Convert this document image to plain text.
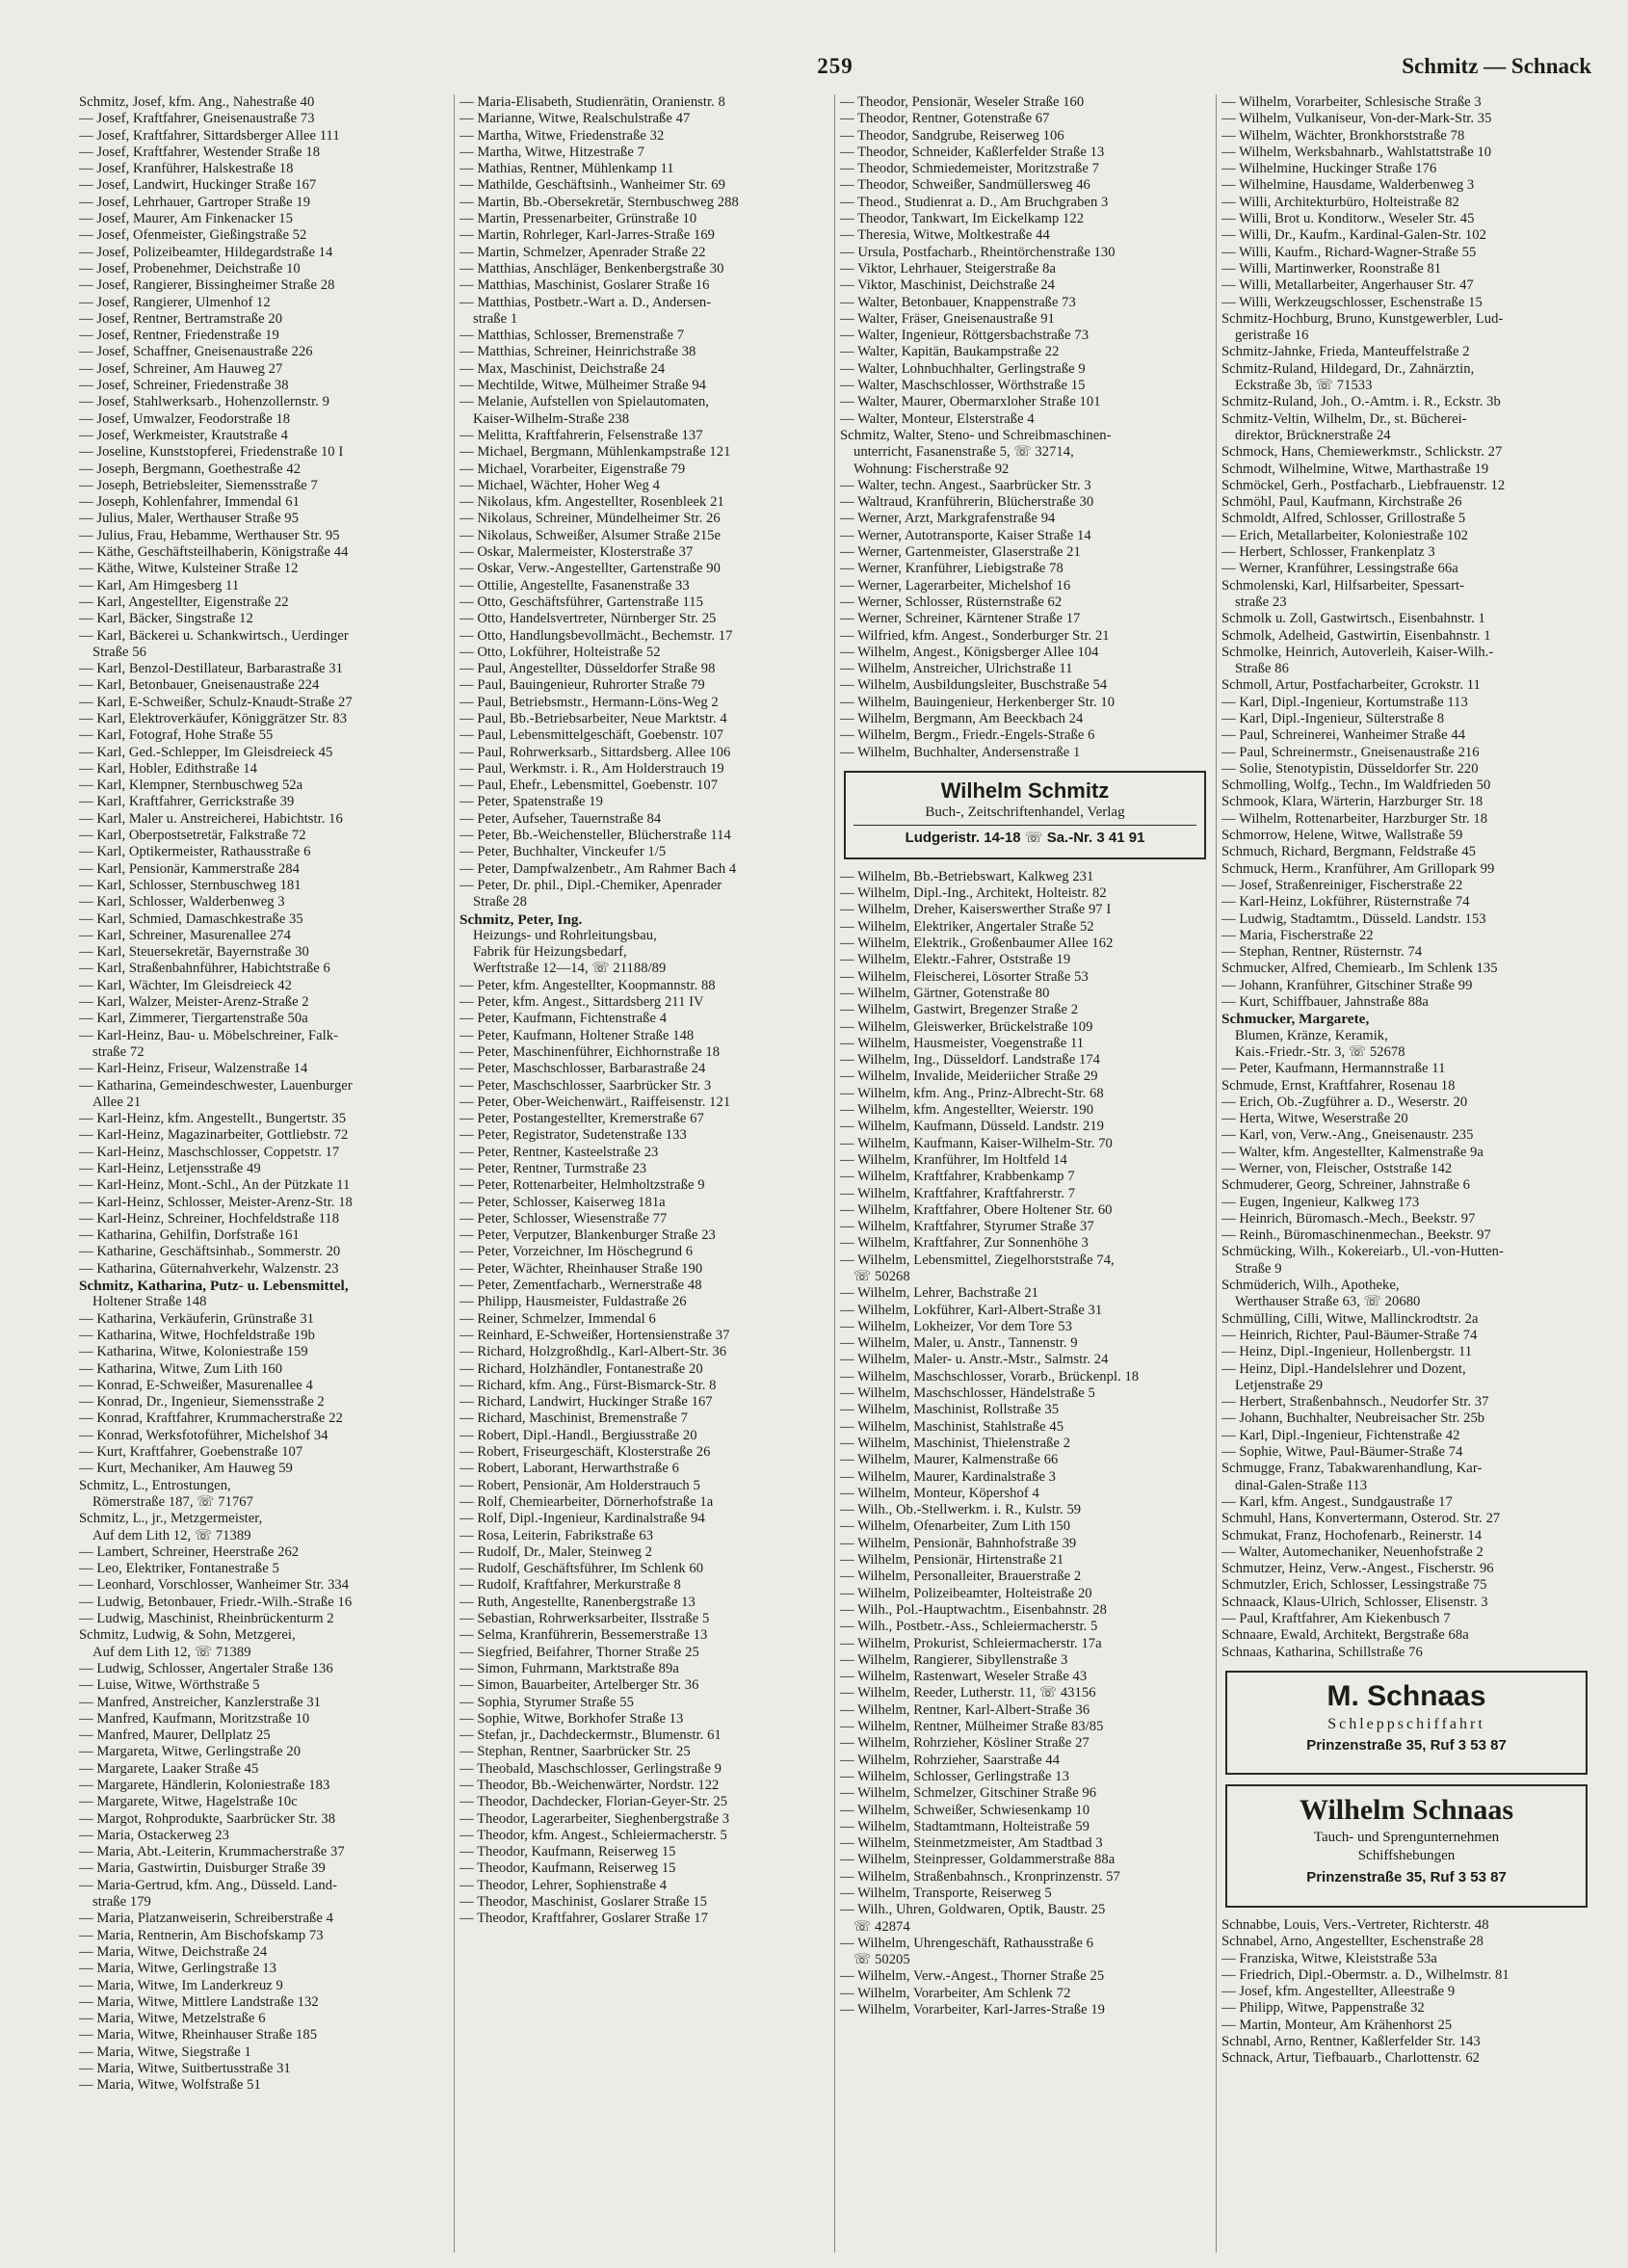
259	Schmitz — Schnack
Schmitz, Josef, kfm. Ang., Nahestraße 40
— Josef, Kraftfahrer, Gneisenaustraße 73
— Josef, Kraftfahrer, Sittardsberger Allee 111
— Josef, Kraftfahrer, Westender Straße 18
— Josef, Kranführer, Halskestraße 18
— Josef, Landwirt, Huckinger Straße 167
— Josef, Lehrhauer, Gartroper Straße 19
— Josef, Maurer, Am Finkenacker 15
— Josef, Ofenmeister, Gießingstraße 52
— Josef, Polizeibeamter, Hildegardstraße 14
— Josef, Probenehmer, Deichstraße 10
— Josef, Rangierer, Bissingheimer Straße 28
— Josef, Rangierer, Ulmenhof 12
— Josef, Rentner, Bertramstraße 20
— Josef, Rentner, Friedenstraße 19
— Josef, Schaffner, Gneisenaustraße 226
— Josef, Schreiner, Am Hauweg 27
— Josef, Schreiner, Friedenstraße 38
— Josef, Stahlwerksarb., Hohenzollernstr. 9
— Josef, Umwalzer, Feodorstraße 18
— Josef, Werkmeister, Krautstraße 4
— Joseline, Kunststopferei, Friedenstraße 10 I
— Joseph, Bergmann, Goethestraße 42
— Joseph, Betriebsleiter, Siemensstraße 7
— Joseph, Kohlenfahrer, Immendal 61
— Julius, Maler, Werthauser Straße 95
— Julius, Frau, Hebamme, Werthauser Str. 95
— Käthe, Geschäftsteilhaberin, Königstraße 44
— Käthe, Witwe, Kulsteiner Straße 12
— Karl, Am Himgesberg 11
— Karl, Angestellter, Eigenstraße 22
— Karl, Bäcker, Singstraße 12
— Karl, Bäckerei u. Schankwirtsch., Uerdinger
Straße 56
— Karl, Benzol-Destillateur, Barbarastraße 31
— Karl, Betonbauer, Gneisenaustraße 224
— Karl, E-Schweißer, Schulz-Knaudt-Straße 27
— Karl, Elektroverkäufer, Königgrätzer Str. 83
— Karl, Fotograf, Hohe Straße 55
— Karl, Ged.-Schlepper, Im Gleisdreieck 45
— Karl, Hobler, Edithstraße 14
— Karl, Klempner, Sternbuschweg 52a
— Karl, Kraftfahrer, Gerrickstraße 39
— Karl, Maler u. Anstreicherei, Habichtstr. 16
— Karl, Oberpostsetretär, Falkstraße 72
— Karl, Optikermeister, Rathausstraße 6
— Karl, Pensionär, Kammerstraße 284
— Karl, Schlosser, Sternbuschweg 181
— Karl, Schlosser, Walderbenweg 3
— Karl, Schmied, Damaschkestraße 35
— Karl, Schreiner, Masurenallee 274
— Karl, Steuersekretär, Bayernstraße 30
— Karl, Straßenbahnführer, Habichtstraße 6
— Karl, Wächter, Im Gleisdreieck 42
— Karl, Walzer, Meister-Arenz-Straße 2
— Karl, Zimmerer, Tiergartenstraße 50a
— Karl-Heinz, Bau- u. Möbelschreiner, Falk-
straße 72
— Karl-Heinz, Friseur, Walzenstraße 14
— Katharina, Gemeindeschwester, Lauenburger
Allee 21
— Karl-Heinz, kfm. Angestellt., Bungertstr. 35
— Karl-Heinz, Magazinarbeiter, Gottliebstr. 72
— Karl-Heinz, Maschschlosser, Coppetstr. 17
— Karl-Heinz, Letjensstraße 49
— Karl-Heinz, Mont.-Schl., An der Pützkate 11
— Karl-Heinz, Schlosser, Meister-Arenz-Str. 18
— Karl-Heinz, Schreiner, Hochfeldstraße 118
— Katharina, Gehilfin, Dorfstraße 161
— Katharine, Geschäftsinhab., Sommerstr. 20
— Katharina, Güternahverkehr, Walzenstr. 23
Schmitz, Katharina, Putz- u. Lebensmittel,
Holtener Straße 148
— Katharina, Verkäuferin, Grünstraße 31
— Katharina, Witwe, Hochfeldstraße 19b
— Katharina, Witwe, Koloniestraße 159
— Katharina, Witwe, Zum Lith 160
— Konrad, E-Schweißer, Masurenallee 4
— Konrad, Dr., Ingenieur, Siemensstraße 2
— Konrad, Kraftfahrer, Krummacherstraße 22
— Konrad, Werksfotoführer, Michelshof 34
— Kurt, Kraftfahrer, Goebenstraße 107
— Kurt, Mechaniker, Am Hauweg 59
Schmitz, L., Entrostungen,
Römerstraße 187, ☏ 71767
Schmitz, L., jr., Metzgermeister,
Auf dem Lith 12, ☏ 71389
— Lambert, Schreiner, Heerstraße 262
— Leo, Elektriker, Fontanestraße 5
— Leonhard, Vorschlosser, Wanheimer Str. 334
— Ludwig, Betonbauer, Friedr.-Wilh.-Straße 16
— Ludwig, Maschinist, Rheinbrückenturm 2
Schmitz, Ludwig, & Sohn, Metzgerei,
Auf dem Lith 12, ☏ 71389
— Ludwig, Schlosser, Angertaler Straße 136
— Luise, Witwe, Wörthstraße 5
— Manfred, Anstreicher, Kanzlerstraße 31
— Manfred, Kaufmann, Moritzstraße 10
— Manfred, Maurer, Dellplatz 25
— Margareta, Witwe, Gerlingstraße 20
— Margarete, Laaker Straße 45
— Margarete, Händlerin, Koloniestraße 183
— Margarete, Witwe, Hagelstraße 10c
— Margot, Rohprodukte, Saarbrücker Str. 38
— Maria, Ostackerweg 23
— Maria, Abt.-Leiterin, Krummacherstraße 37
— Maria, Gastwirtin, Duisburger Straße 39
— Maria-Gertrud, kfm. Ang., Düsseld. Land-
straße 179
— Maria, Platzanweiserin, Schreiberstraße 4
— Maria, Rentnerin, Am Bischofskamp 73
— Maria, Witwe, Deichstraße 24
— Maria, Witwe, Gerlingstraße 13
— Maria, Witwe, Im Landerkreuz 9
— Maria, Witwe, Mittlere Landstraße 132
— Maria, Witwe, Metzelstraße 6
— Maria, Witwe, Rheinhauser Straße 185
— Maria, Witwe, Siegstraße 1
— Maria, Witwe, Suitbertusstraße 31
— Maria, Witwe, Wolfstraße 51
— Maria-Elisabeth, Studienrätin, Oranienstr. 8
— Marianne, Witwe, Realschulstraße 47
— Martha, Witwe, Friedenstraße 32
— Martha, Witwe, Hitzestraße 7
— Mathias, Rentner, Mühlenkamp 11
— Mathilde, Geschäftsinh., Wanheimer Str. 69
— Martin, Bb.-Obersekretär, Sternbuschweg 288
— Martin, Pressenarbeiter, Grünstraße 10
— Martin, Rohrleger, Karl-Jarres-Straße 169
— Martin, Schmelzer, Apenrader Straße 22
— Matthias, Anschläger, Benkenbergstraße 30
— Matthias, Maschinist, Goslarer Straße 16
— Matthias, Postbetr.-Wart a. D., Andersen-
straße 1
— Matthias, Schlosser, Bremenstraße 7
— Matthias, Schreiner, Heinrichstraße 38
— Max, Maschinist, Deichstraße 24
— Mechtilde, Witwe, Mülheimer Straße 94
— Melanie, Aufstellen von Spielautomaten,
Kaiser-Wilhelm-Straße 238
— Melitta, Kraftfahrerin, Felsenstraße 137
— Michael, Bergmann, Mühlenkampstraße 121
— Michael, Vorarbeiter, Eigenstraße 79
— Michael, Wächter, Hoher Weg 4
— Nikolaus, kfm. Angestellter, Rosenbleek 21
— Nikolaus, Schreiner, Mündelheimer Str. 26
— Nikolaus, Schweißer, Alsumer Straße 215e
— Oskar, Malermeister, Klosterstraße 37
— Oskar, Verw.-Angestellter, Gartenstraße 90
— Ottilie, Angestellte, Fasanenstraße 33
— Otto, Geschäftsführer, Gartenstraße 115
— Otto, Handelsvertreter, Nürnberger Str. 25
— Otto, Handlungsbevollmächt., Bechemstr. 17
— Otto, Lokführer, Holteistraße 52
— Paul, Angestellter, Düsseldorfer Straße 98
— Paul, Bauingenieur, Ruhrorter Straße 79
— Paul, Betriebsmstr., Hermann-Löns-Weg 2
— Paul, Bb.-Betriebsarbeiter, Neue Marktstr. 4
— Paul, Lebensmittelgeschäft, Goebenstr. 107
— Paul, Rohrwerksarb., Sittardsberg. Allee 106
— Paul, Werkmstr. i. R., Am Holderstrauch 19
— Paul, Ehefr., Lebensmittel, Goebenstr. 107
— Peter, Spatenstraße 19
— Peter, Aufseher, Tauernstraße 84
— Peter, Bb.-Weichensteller, Blücherstraße 114
— Peter, Buchhalter, Vinckeufer 1/5
— Peter, Dampfwalzenbetr., Am Rahmer Bach 4
— Peter, Dr. phil., Dipl.-Chemiker, Apenrader
Straße 28
Schmitz, Peter, Ing.
Heizungs- und Rohrleitungsbau,
Fabrik für Heizungsbedarf,
Werftstraße 12—14, ☏ 21188/89
— Peter, kfm. Angestellter, Koopmannstr. 88
— Peter, kfm. Angest., Sittardsberg 211 IV
— Peter, Kaufmann, Fichtenstraße 4
— Peter, Kaufmann, Holtener Straße 148
— Peter, Maschinenführer, Eichhornstraße 18
— Peter, Maschschlosser, Barbarastraße 24
— Peter, Maschschlosser, Saarbrücker Str. 3
— Peter, Ober-Weichenwärt., Raiffeisenstr. 121
— Peter, Postangestellter, Kremerstraße 67
— Peter, Registrator, Sudetenstraße 133
— Peter, Rentner, Kasteelstraße 23
— Peter, Rentner, Turmstraße 23
— Peter, Rottenarbeiter, Helmholtzstraße 9
— Peter, Schlosser, Kaiserweg 181a
— Peter, Schlosser, Wiesenstraße 77
— Peter, Verputzer, Blankenburger Straße 23
— Peter, Vorzeichner, Im Höschegrund 6
— Peter, Wächter, Rheinhauser Straße 190
— Peter, Zementfacharb., Wernerstraße 48
— Philipp, Hausmeister, Fuldastraße 26
— Reiner, Schmelzer, Immendal 6
— Reinhard, E-Schweißer, Hortensienstraße 37
— Richard, Holzgroßhdlg., Karl-Albert-Str. 36
— Richard, Holzhändler, Fontanestraße 20
— Richard, kfm. Ang., Fürst-Bismarck-Str. 8
— Richard, Landwirt, Huckinger Straße 167
— Richard, Maschinist, Bremenstraße 7
— Robert, Dipl.-Handl., Bergiusstraße 20
— Robert, Friseurgeschäft, Klosterstraße 26
— Robert, Laborant, Herwarthstraße 6
— Robert, Pensionär, Am Holderstrauch 5
— Rolf, Chemiearbeiter, Dörnerhofstraße 1a
— Rolf, Dipl.-Ingenieur, Kardinalstraße 94
— Rosa, Leiterin, Fabrikstraße 63
— Rudolf, Dr., Maler, Steinweg 2
— Rudolf, Geschäftsführer, Im Schlenk 60
— Rudolf, Kraftfahrer, Merkurstraße 8
— Ruth, Angestellte, Ranenbergstraße 13
— Sebastian, Rohrwerksarbeiter, Ilsstraße 5
— Selma, Kranführerin, Bessemerstraße 13
— Siegfried, Beifahrer, Thorner Straße 25
— Simon, Fuhrmann, Marktstraße 89a
— Simon, Bauarbeiter, Artelberger Str. 36
— Sophia, Styrumer Straße 55
— Sophie, Witwe, Borkhofer Straße 13
— Stefan, jr., Dachdeckermstr., Blumenstr. 61
— Stephan, Rentner, Saarbrücker Str. 25
— Theobald, Maschschlosser, Gerlingstraße 9
— Theodor, Bb.-Weichenwärter, Nordstr. 122
— Theodor, Dachdecker, Florian-Geyer-Str. 25
— Theodor, Lagerarbeiter, Sieghenbergstraße 3
— Theodor, kfm. Angest., Schleiermacherstr. 5
— Theodor, Kaufmann, Reiserweg 15
— Theodor, Kaufmann, Reiserweg 15
— Theodor, Lehrer, Sophienstraße 4
— Theodor, Maschinist, Goslarer Straße 15
— Theodor, Kraftfahrer, Goslarer Straße 17
— Theodor, Pensionär, Weseler Straße 160
— Theodor, Rentner, Gotenstraße 67
— Theodor, Sandgrube, Reiserweg 106
— Theodor, Schneider, Kaßlerfelder Straße 13
— Theodor, Schmiedemeister, Moritzstraße 7
— Theodor, Schweißer, Sandmüllersweg 46
— Theod., Studienrat a. D., Am Bruchgraben 3
— Theodor, Tankwart, Im Eickelkamp 122
— Theresia, Witwe, Moltkestraße 44
— Ursula, Postfacharb., Rheintörchenstraße 130
— Viktor, Lehrhauer, Steigerstraße 8a
— Viktor, Maschinist, Deichstraße 24
— Walter, Betonbauer, Knappenstraße 73
— Walter, Fräser, Gneisenaustraße 91
— Walter, Ingenieur, Röttgersbachstraße 73
— Walter, Kapitän, Baukampstraße 22
— Walter, Lohnbuchhalter, Gerlingstraße 9
— Walter, Maschschlosser, Wörthstraße 15
— Walter, Maurer, Obermarxloher Straße 101
— Walter, Monteur, Elsterstraße 4
Schmitz, Walter, Steno- und Schreibmaschinen-
unterricht, Fasanenstraße 5, ☏ 32714,
Wohnung: Fischerstraße 92
— Walter, techn. Angest., Saarbrücker Str. 3
— Waltraud, Kranführerin, Blücherstraße 30
— Werner, Arzt, Markgrafenstraße 94
— Werner, Autotransporte, Kaiser Straße 14
— Werner, Gartenmeister, Glaserstraße 21
— Werner, Kranführer, Liebigstraße 78
— Werner, Lagerarbeiter, Michelshof 16
— Werner, Schlosser, Rüsternstraße 62
— Werner, Schreiner, Kärntener Straße 17
— Wilfried, kfm. Angest., Sonderburger Str. 21
— Wilhelm, Angest., Königsberger Allee 104
— Wilhelm, Anstreicher, Ulrichstraße 11
— Wilhelm, Ausbildungsleiter, Buschstraße 54
— Wilhelm, Bauingenieur, Herkenberger Str. 10
— Wilhelm, Bergmann, Am Beeckbach 24
— Wilhelm, Bergm., Friedr.-Engels-Straße 6
— Wilhelm, Buchhalter, Andersenstraße 1
Wilhelm Schmitz
Buch-, Zeitschriftenhandel, Verlag
Ludgeristr. 14-18 ☏ Sa.-Nr. 3 41 91
— Wilhelm, Bb.-Betriebswart, Kalkweg 231
— Wilhelm, Dipl.-Ing., Architekt, Holteistr. 82
— Wilhelm, Dreher, Kaiserswerther Straße 97 I
— Wilhelm, Elektriker, Angertaler Straße 52
— Wilhelm, Elektrik., Großenbaumer Allee 162
— Wilhelm, Elektr.-Fahrer, Oststraße 19
— Wilhelm, Fleischerei, Lösorter Straße 53
— Wilhelm, Gärtner, Gotenstraße 80
— Wilhelm, Gastwirt, Bregenzer Straße 2
— Wilhelm, Gleiswerker, Brückelstraße 109
— Wilhelm, Hausmeister, Voegenstraße 11
— Wilhelm, Ing., Düsseldorf. Landstraße 174
— Wilhelm, Invalide, Meideriicher Straße 29
— Wilhelm, kfm. Ang., Prinz-Albrecht-Str. 68
— Wilhelm, kfm. Angestellter, Weierstr. 190
— Wilhelm, Kaufmann, Düsseld. Landstr. 219
— Wilhelm, Kaufmann, Kaiser-Wilhelm-Str. 70
— Wilhelm, Kranführer, Im Holtfeld 14
— Wilhelm, Kraftfahrer, Krabbenkamp 7
— Wilhelm, Kraftfahrer, Kraftfahrerstr. 7
— Wilhelm, Kraftfahrer, Obere Holtener Str. 60
— Wilhelm, Kraftfahrer, Styrumer Straße 37
— Wilhelm, Kraftfahrer, Zur Sonnenhöhe 3
— Wilhelm, Lebensmittel, Ziegelhorststraße 74,
☏ 50268
— Wilhelm, Lehrer, Bachstraße 21
— Wilhelm, Lokführer, Karl-Albert-Straße 31
— Wilhelm, Lokheizer, Vor dem Tore 53
— Wilhelm, Maler, u. Anstr., Tannenstr. 9
— Wilhelm, Maler- u. Anstr.-Mstr., Salmstr. 24
— Wilhelm, Maschschlosser, Vorarb., Brückenpl. 18
— Wilhelm, Maschschlosser, Händelstraße 5
— Wilhelm, Maschinist, Rollstraße 35
— Wilhelm, Maschinist, Stahlstraße 45
— Wilhelm, Maschinist, Thielenstraße 2
— Wilhelm, Maurer, Kalmenstraße 66
— Wilhelm, Maurer, Kardinalstraße 3
— Wilhelm, Monteur, Köpershof 4
— Wilh., Ob.-Stellwerkm. i. R., Kulstr. 59
— Wilhelm, Ofenarbeiter, Zum Lith 150
— Wilhelm, Pensionär, Bahnhofstraße 39
— Wilhelm, Pensionär, Hirtenstraße 21
— Wilhelm, Personalleiter, Brauerstraße 2
— Wilhelm, Polizeibeamter, Holteistraße 20
— Wilh., Pol.-Hauptwachtm., Eisenbahnstr. 28
— Wilh., Postbetr.-Ass., Schleiermacherstr. 5
— Wilhelm, Prokurist, Schleiermacherstr. 17a
— Wilhelm, Rangierer, Sibyllenstraße 3
— Wilhelm, Rastenwart, Weseler Straße 43
— Wilhelm, Reeder, Lutherstr. 11, ☏ 43156
— Wilhelm, Rentner, Karl-Albert-Straße 36
— Wilhelm, Rentner, Mülheimer Straße 83/85
— Wilhelm, Rohrzieher, Kösliner Straße 27
— Wilhelm, Rohrzieher, Saarstraße 44
— Wilhelm, Schlosser, Gerlingstraße 13
— Wilhelm, Schmelzer, Gitschiner Straße 96
— Wilhelm, Schweißer, Schwiesenkamp 10
— Wilhelm, Stadtamtmann, Holteistraße 59
— Wilhelm, Steinmetzmeister, Am Stadtbad 3
— Wilhelm, Steinpresser, Goldammerstraße 88a
— Wilhelm, Straßenbahnsch., Kronprinzenstr. 57
— Wilhelm, Transporte, Reiserweg 5
— Wilh., Uhren, Goldwaren, Optik, Baustr. 25
☏ 42874
— Wilhelm, Uhrengeschäft, Rathausstraße 6
☏ 50205
— Wilhelm, Verw.-Angest., Thorner Straße 25
— Wilhelm, Vorarbeiter, Am Schlenk 72
— Wilhelm, Vorarbeiter, Karl-Jarres-Straße 19
— Wilhelm, Vorarbeiter, Schlesische Straße 3
— Wilhelm, Vulkaniseur, Von-der-Mark-Str. 35
— Wilhelm, Wächter, Bronkhorststraße 78
— Wilhelm, Werksbahnarb., Wahlstattstraße 10
— Wilhelmine, Huckinger Straße 176
— Wilhelmine, Hausdame, Walderbenweg 3
— Willi, Architekturbüro, Holteistraße 82
— Willi, Brot u. Konditorw., Weseler Str. 45
— Willi, Dr., Kaufm., Kardinal-Galen-Str. 102
— Willi, Kaufm., Richard-Wagner-Straße 55
— Willi, Martinwerker, Roonstraße 81
— Willi, Metallarbeiter, Angerhauser Str. 47
— Willi, Werkzeugschlosser, Eschenstraße 15
Schmitz-Hochburg, Bruno, Kunstgewerbler, Lud-
geristraße 16
Schmitz-Jahnke, Frieda, Manteuffelstraße 2
Schmitz-Ruland, Hildegard, Dr., Zahnärztin,
Eckstraße 3b, ☏ 71533
Schmitz-Ruland, Joh., O.-Amtm. i. R., Eckstr. 3b
Schmitz-Veltin, Wilhelm, Dr., st. Bücherei-
direktor, Brücknerstraße 24
Schmock, Hans, Chemiewerkmstr., Schlickstr. 27
Schmodt, Wilhelmine, Witwe, Marthastraße 19
Schmöckel, Gerh., Postfacharb., Liebfrauenstr. 12
Schmöhl, Paul, Kaufmann, Kirchstraße 26
Schmoldt, Alfred, Schlosser, Grillostraße 5
— Erich, Metallarbeiter, Koloniestraße 102
— Herbert, Schlosser, Frankenplatz 3
— Werner, Kranführer, Lessingstraße 66a
Schmolenski, Karl, Hilfsarbeiter, Spessart-
straße 23
Schmolk u. Zoll, Gastwirtsch., Eisenbahnstr. 1
Schmolk, Adelheid, Gastwirtin, Eisenbahnstr. 1
Schmolke, Heinrich, Autoverleih, Kaiser-Wilh.-
Straße 86
Schmoll, Artur, Postfacharbeiter, Gcrokstr. 11
— Karl, Dipl.-Ingenieur, Kortumstraße 113
— Karl, Dipl.-Ingenieur, Sülterstraße 8
— Paul, Schreinerei, Wanheimer Straße 44
— Paul, Schreinermstr., Gneisenaustraße 216
— Solie, Stenotypistin, Düsseldorfer Str. 220
Schmolling, Wolfg., Techn., Im Waldfrieden 50
Schmook, Klara, Wärterin, Harzburger Str. 18
— Wilhelm, Rottenarbeiter, Harzburger Str. 18
Schmorrow, Helene, Witwe, Wallstraße 59
Schmuch, Richard, Bergmann, Feldstraße 45
Schmuck, Herm., Kranführer, Am Grillopark 99
— Josef, Straßenreiniger, Fischerstraße 22
— Karl-Heinz, Lokführer, Rüsternstraße 74
— Ludwig, Stadtamtm., Düsseld. Landstr. 153
— Maria, Fischerstraße 22
— Stephan, Rentner, Rüsternstr. 74
Schmucker, Alfred, Chemiearb., Im Schlenk 135
— Johann, Kranführer, Gitschiner Straße 99
— Kurt, Schiffbauer, Jahnstraße 88a
Schmucker, Margarete,
Blumen, Kränze, Keramik,
Kais.-Friedr.-Str. 3, ☏ 52678
— Peter, Kaufmann, Hermannstraße 11
Schmude, Ernst, Kraftfahrer, Rosenau 18
— Erich, Ob.-Zugführer a. D., Weserstr. 20
— Herta, Witwe, Weserstraße 20
— Karl, von, Verw.-Ang., Gneisenaustr. 235
— Walter, kfm. Angestellter, Kalmenstraße 9a
— Werner, von, Fleischer, Oststraße 142
Schmuderer, Georg, Schreiner, Jahnstraße 6
— Eugen, Ingenieur, Kalkweg 173
— Heinrich, Büromasch.-Mech., Beekstr. 97
— Reinh., Büromaschinenmechan., Beekstr. 97
Schmücking, Wilh., Kokereiarb., Ul.-von-Hutten-
Straße 9
Schmüderich, Wilh., Apotheke,
Werthauser Straße 63, ☏ 20680
Schmülling, Cilli, Witwe, Mallinckrodtstr. 2a
— Heinrich, Richter, Paul-Bäumer-Straße 74
— Heinz, Dipl.-Ingenieur, Hollenbergstr. 11
— Heinz, Dipl.-Handelslehrer und Dozent,
Letjenstraße 29
— Herbert, Straßenbahnsch., Neudorfer Str. 37
— Johann, Buchhalter, Neubreisacher Str. 25b
— Karl, Dipl.-Ingenieur, Fichtenstraße 42
— Sophie, Witwe, Paul-Bäumer-Straße 74
Schmugge, Franz, Tabakwarenhandlung, Kar-
dinal-Galen-Straße 113
— Karl, kfm. Angest., Sundgaustraße 17
Schmuhl, Hans, Konvertermann, Osterod. Str. 27
Schmukat, Franz, Hochofenarb., Reinerstr. 14
— Walter, Automechaniker, Neuenhofstraße 2
Schmutzer, Heinz, Verw.-Angest., Fischerstr. 96
Schmutzler, Erich, Schlosser, Lessingstraße 75
Schnaack, Klaus-Ulrich, Schlosser, Elisenstr. 3
— Paul, Kraftfahrer, Am Kiekenbusch 7
Schnaare, Ewald, Architekt, Bergstraße 68a
Schnaas, Katharina, Schillstraße 76
M. Schnaas
Schleppschiffahrt
Prinzenstraße 35, Ruf 3 53 87
Wilhelm Schnaas
Tauch- und Sprengunternehmen
Schiffshebungen
Prinzenstraße 35, Ruf 3 53 87
Schnabbe, Louis, Vers.-Vertreter, Richterstr. 48
Schnabel, Arno, Angestellter, Eschenstraße 28
— Franziska, Witwe, Kleiststraße 53a
— Friedrich, Dipl.-Obermstr. a. D., Wilhelmstr. 81
— Josef, kfm. Angestellter, Alleestraße 9
— Philipp, Witwe, Pappenstraße 32
— Martin, Monteur, Am Krähenhorst 25
Schnabl, Arno, Rentner, Kaßlerfelder Str. 143
Schnack, Artur, Tiefbauarb., Charlottenstr. 62
